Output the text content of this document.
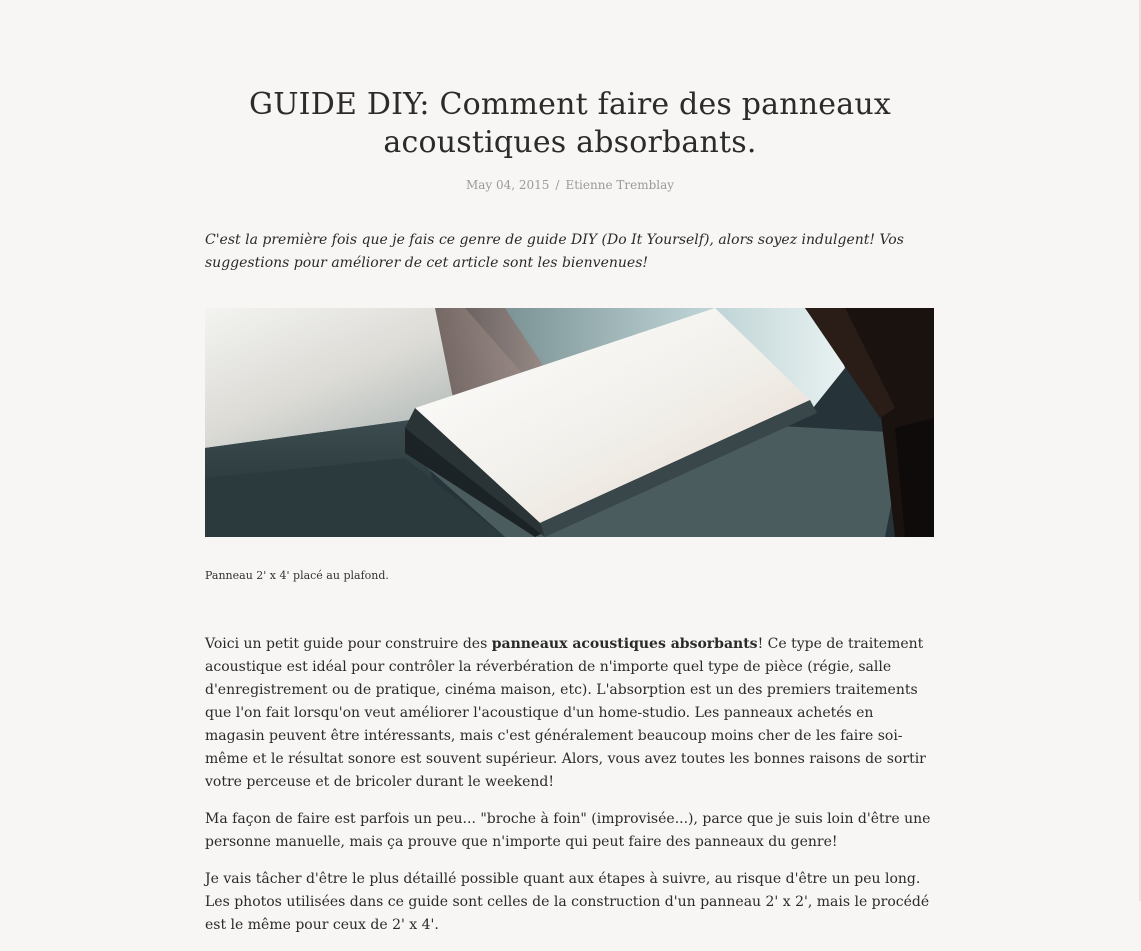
GUIDE DIY: Comment faire des panneaux
acoustiques absorbants.
May 04, 2015 / Etienne Tremblay

C'est la première fois que je fais ce genre de guide DIY (Do It Yourself), alors soyez indulgent! Vos suggestions pour améliorer de cet article sont les bienvenues!

Panneau 2' x 4' placé au plafond.

Voici un petit guide pour construire des panneaux acoustiques absorbants! Ce type de traitement acoustique est idéal pour contrôler la réverbération de n'importe quel type de pièce (régie, salle d'enregistrement ou de pratique, cinéma maison, etc). L'absorption est un des premiers traitements que l'on fait lorsqu'on veut améliorer l'acoustique d'un home-studio. Les panneaux achetés en magasin peuvent être intéressants, mais c'est généralement beaucoup moins cher de les faire soi-même et le résultat sonore est souvent supérieur. Alors, vous avez toutes les bonnes raisons de sortir votre perceuse et de bricoler durant le weekend!

Ma façon de faire est parfois un peu... "broche à foin" (improvisée...), parce que je suis loin d'être une personne manuelle, mais ça prouve que n'importe qui peut faire des panneaux du genre!

Je vais tâcher d'être le plus détaillé possible quant aux étapes à suivre, au risque d'être un peu long. Les photos utilisées dans ce guide sont celles de la construction d'un panneau 2' x 2', mais le procédé est le même pour ceux de 2' x 4'.
